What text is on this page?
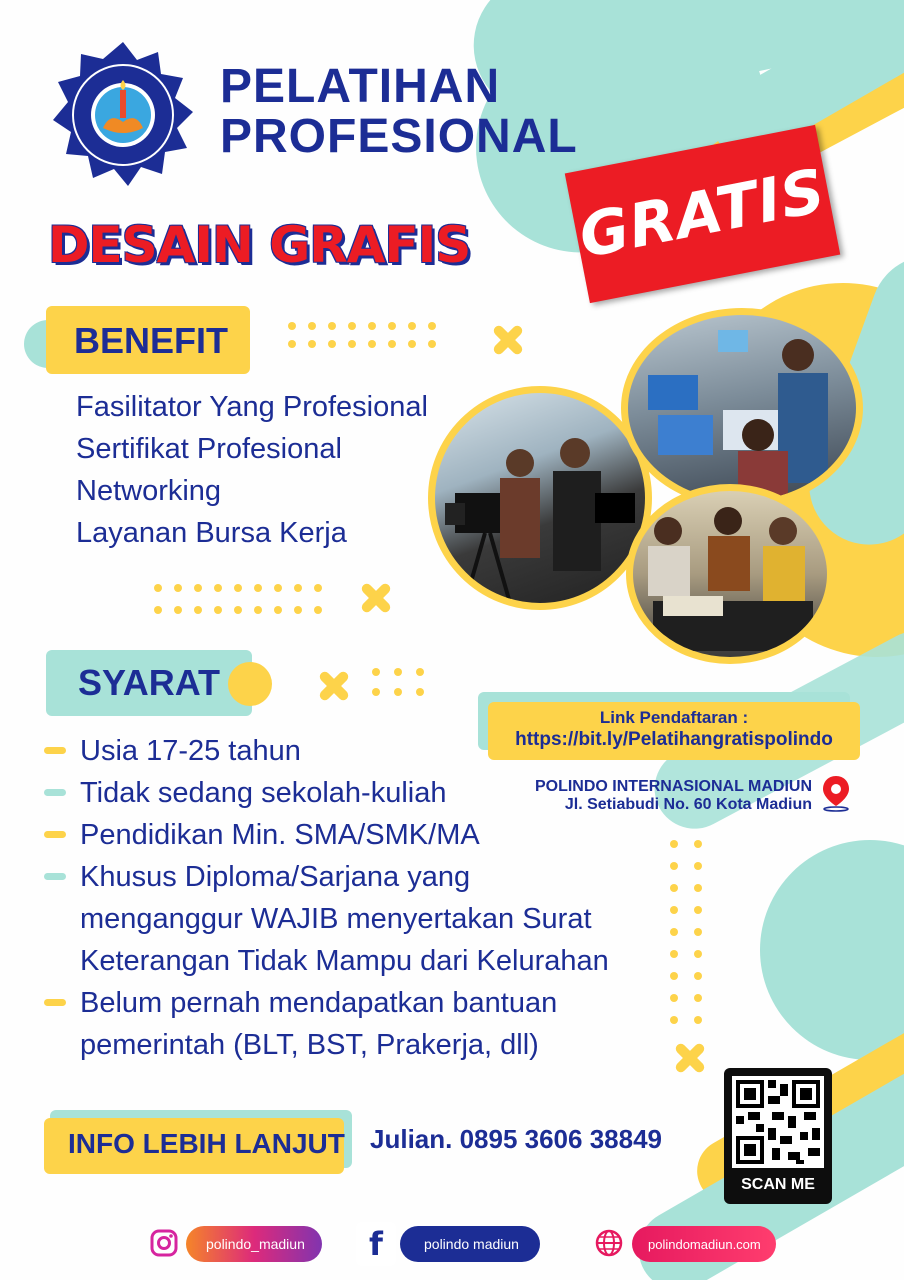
PELATIHAN
PROFESIONAL
DESAIN GRAFIS GRATIS
BENEFIT
Fasilitator Yang Profesional
Sertifikat Profesional
Networking
Layanan Bursa Kerja
SYARAT
Link Pendaftaran :
https://bit.ly/Pelatihangratispolindo
POLINDO INTERNASIONAL MADIUN
Jl. Setiabudi No. 60 Kota Madiun
Usia 17-25 tahun
Tidak sedang sekolah-kuliah
Pendidikan Min. SMA/SMK/MA
Khusus Diploma/Sarjana yang
menganggur WAJIB menyertakan Surat
Keterangan Tidak Mampu dari Kelurahan
Belum pernah mendapatkan bantuan
pemerintah (BLT, BST, Prakerja, dll)
INFO LEBIH LANJUT Julian. 0895 3606 38849
SCAN ME
polindo_madiun f	polindo madiun	polindomadiun.com
